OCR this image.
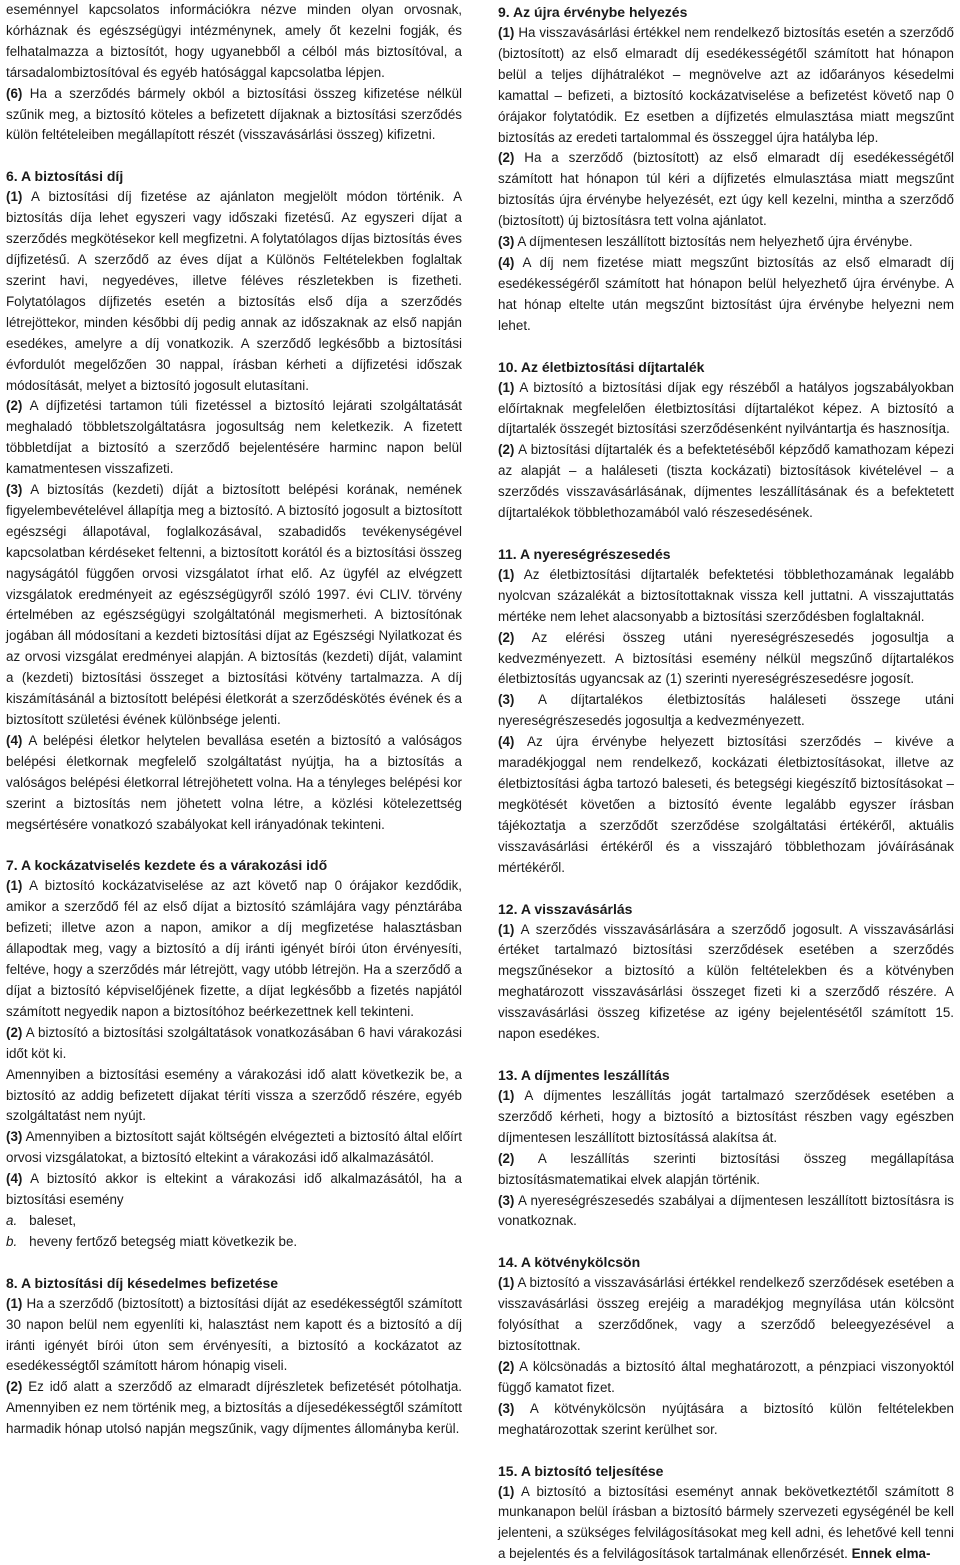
eseménnyel kapcsolatos információkra nézve minden olyan orvosnak, kórháznak és egészségügyi intézménynek, amely őt kezelni fogják, és felhatalmazza a biztosítót, hogy ugyanebből a célból más biztosítóval, a társadalombiztosítóval és egyéb hatósággal kapcsolatba lépjen.

(6) Ha a szerződés bármely okból a biztosítási összeg kifizetése nélkül szűnik meg, a biztosító köteles a befizetett díjaknak a biztosítási szerződés külön feltételeiben megállapított részét (visszavásárlási összeg) kifizetni.

6. A biztosítási díj

(1) A biztosítási díj fizetése az ajánlaton megjelölt módon történik. A biztosítás díja lehet egyszeri vagy időszaki fizetésű. Az egyszeri díjat a szerződés megkötésekor kell megfizetni. A folytatólagos díjas biztosítás éves díjfizetésű. A szerződő az éves díjat a Különös Feltételekben foglaltak szerint havi, negyedéves, illetve féléves részletekben is fizetheti. Folytatólagos díjfizetés esetén a biztosítás első díja a szerződés létrejöttekor, minden későbbi díj pedig annak az időszaknak az első napján esedékes, amelyre a díj vonatkozik. A szerződő legkésőbb a biztosítási évfordulót megelőzően 30 nappal, írásban kérheti a díjfizetési időszak módosítását, melyet a biztosító jogosult elutasítani.

(2) A díjfizetési tartamon túli fizetéssel a biztosító lejárati szolgáltatását meghaladó többletszolgáltatásra jogosultság nem keletkezik. A fizetett többletdíjat a biztosító a szerződő bejelentésére harminc napon belül kamatmentesen visszafizeti.

(3) A biztosítás (kezdeti) díját a biztosított belépési korának, nemének figyelembevételével állapítja meg a biztosító. A biztosító jogosult a biztosított egészségi állapotával, foglalkozásával, szabadidős tevékenységével kapcsolatban kérdéseket feltenni, a biztosított korától és a biztosítási összeg nagyságától függően orvosi vizsgálatot írhat elő. Az ügyfél az elvégzett vizsgálatok eredményeit az egészségügyről szóló 1997. évi CLIV. törvény értelmében az egészségügyi szolgáltatónál megismerheti. A biztosítónak jogában áll módosítani a kezdeti biztosítási díjat az Egészségi Nyilatkozat és az orvosi vizsgálat eredményei alapján. A biztosítás (kezdeti) díját, valamint a (kezdeti) biztosítási összeget a biztosítási kötvény tartalmazza. A díj kiszámításánál a biztosított belépési életkorát a szerződéskötés évének és a biztosított születési évének különbsége jelenti.

(4) A belépési életkor helytelen bevallása esetén a biztosító a valóságos belépési életkornak megfelelő szolgáltatást nyújtja, ha a biztosítás a valóságos belépési életkorral létrejöhetett volna. Ha a tényleges belépési kor szerint a biztosítás nem jöhetett volna létre, a közlési kötelezettség megsértésére vonatkozó szabályokat kell irányadónak tekinteni.

7. A kockázatviselés kezdete és a várakozási idő

(1) A biztosító kockázatviselése az azt követő nap 0 órájakor kezdődik, amikor a szerződő fél az első díjat a biztosító számlájára vagy pénztárába befizeti; illetve azon a napon, amikor a díj megfizetése halasztásban állapodtak meg, vagy a biztosító a díj iránti igényét bírói úton érvényesíti, feltéve, hogy a szerződés már létrejött, vagy utóbb létrejön. Ha a szerződő a díjat a biztosító képviselőjének fizette, a díjat legkésőbb a fizetés napjától számított negyedik napon a biztosítóhoz beérkezettnek kell tekinteni.

(2) A biztosító a biztosítási szolgáltatások vonatkozásában 6 havi várakozási időt köt ki.

Amennyiben a biztosítási esemény a várakozási idő alatt következik be, a biztosító az addig befizetett díjakat téríti vissza a szerződő részére, egyéb szolgáltatást nem nyújt.

(3) Amennyiben a biztosított saját költségén elvégezteti a biztosító által előírt orvosi vizsgálatokat, a biztosító eltekint a várakozási idő alkalmazásától.

(4) A biztosító akkor is eltekint a várakozási idő alkalmazásától, ha a biztosítási esemény

a. baleset,
b. heveny fertőző betegség miatt következik be.
8. A biztosítási díj késedelmes befizetése

(1) Ha a szerződő (biztosított) a biztosítási díját az esedékességtől számított 30 napon belül nem egyenlíti ki, halasztást nem kapott és a biztosító a díj iránti igényét bírói úton sem érvényesíti, a biztosító a kockázatot az esedékességtől számított három hónapig viseli.

(2) Ez idő alatt a szerződő az elmaradt díjrészletek befizetését pótolhatja. Amennyiben ez nem történik meg, a biztosítás a díjesedékességtől számított harmadik hónap utolsó napján megszűnik, vagy díjmentes állományba kerül.

9. Az újra érvénybe helyezés

(1) Ha visszavásárlási értékkel nem rendelkező biztosítás esetén a szerződő (biztosított) az első elmaradt díj esedékességétől számított hat hónapon belül a teljes díjhátralékot – megnövelve azt az időarányos késedelmi kamattal – befizeti, a biztosító kockázatviselése a befizetést követő nap 0 órájakor folytatódik. Ez esetben a díjfizetés elmulasztása miatt megszűnt biztosítás az eredeti tartalommal és összeggel újra hatályba lép.

(2) Ha a szerződő (biztosított) az első elmaradt díj esedékességétől számított hat hónapon túl kéri a díjfizetés elmulasztása miatt megszűnt biztosítás újra érvénybe helyezését, ezt úgy kell kezelni, mintha a szerződő (biztosított) új biztosításra tett volna ajánlatot.

(3) A díjmentesen leszállított biztosítás nem helyezhető újra érvénybe.

(4) A díj nem fizetése miatt megszűnt biztosítás az első elmaradt díj esedékességéről számított hat hónapon belül helyezhető újra érvénybe. A hat hónap eltelte után megszűnt biztosítást újra érvénybe helyezni nem lehet.

10. Az életbiztosítási díjtartalék

(1) A biztosító a biztosítási díjak egy részéből a hatályos jogszabályokban előírtaknak megfelelően életbiztosítási díjtartalékot képez. A biztosító a díjtartalék összegét biztosítási szerződésenként nyilvántartja és hasznosítja.

(2) A biztosítási díjtartalék és a befektetéséből képződő kamathozam képezi az alapját – a haláleseti (tiszta kockázati) biztosítások kivételével – a szerződés visszavásárlásának, díjmentes leszállításának és a befektetett díjtartalékok többlethozamából való részesedésének.

11. A nyereségrészesedés

(1) Az életbiztosítási díjtartalék befektetési többlethozamának legalább nyolcvan százalékát a biztosítottaknak vissza kell juttatni. A visszajuttatás mértéke nem lehet alacsonyabb a biztosítási szerződésben foglaltaknál.

(2) Az elérési összeg utáni nyereségrészesedés jogosultja a kedvezményezett. A biztosítási esemény nélkül megszűnő díjtartalékos életbiztosítás ugyancsak az (1) szerinti nyereségrészesedésre jogosít.

(3) A díjtartalékos életbiztosítás haláleseti összege utáni nyereségrészesedés jogosultja a kedvezményezett.

(4) Az újra érvénybe helyezett biztosítási szerződés – kivéve a maradékjoggal nem rendelkező, kockázati életbiztosításokat, illetve az életbiztosítási ágba tartozó baleseti, és betegségi kiegészítő biztosításokat – megkötését követően a biztosító évente legalább egyszer írásban tájékoztatja a szerződőt szerződése szolgáltatási értékéről, aktuális visszavásárlási értékéről és a visszajáró többlethozam jóváírásának mértékéről.

12. A visszavásárlás

(1) A szerződés visszavásárlására a szerződő jogosult. A visszavásárlási értéket tartalmazó biztosítási szerződések esetében a szerződés megszűnésekor a biztosító a külön feltételekben és a kötvényben meghatározott visszavásárlási összeget fizeti ki a szerződő részére. A visszavásárlási összeg kifizetése az igény bejelentésétől számított 15. napon esedékes.

13. A díjmentes leszállítás

(1) A díjmentes leszállítás jogát tartalmazó szerződések esetében a szerződő kérheti, hogy a biztosító a biztosítást részben vagy egészben díjmentesen leszállított biztosítássá alakítsa át.

(2) A leszállítás szerinti biztosítási összeg megállapítása biztosításmatematikai elvek alapján történik.

(3) A nyereségrészesedés szabályai a díjmentesen leszállított biztosításra is vonatkoznak.

14. A kötvénykölcsön

(1) A biztosító a visszavásárlási értékkel rendelkező szerződések esetében a visszavásárlási összeg erejéig a maradékjog megnyílása után kölcsönt folyósíthat a szerződőnek, vagy a szerződő beleegyezésével a biztosítottnak.

(2) A kölcsönadás a biztosító által meghatározott, a pénzpiaci viszonyoktól függő kamatot fizet.

(3) A kötvénykölcsön nyújtására a biztosító külön feltételekben meghatározottak szerint kerülhet sor.

15. A biztosító teljesítése

(1) A biztosító a biztosítási eseményt annak bekövetkeztétől számított 8 munkanapon belül írásban a biztosító bármely szervezeti egységénél be kell jelenteni, a szükséges felvilágosításokat meg kell adni, és lehetővé kell tenni a bejelentés és a felvilágosítások tartalmának ellenőrzését. Ennek elma-
